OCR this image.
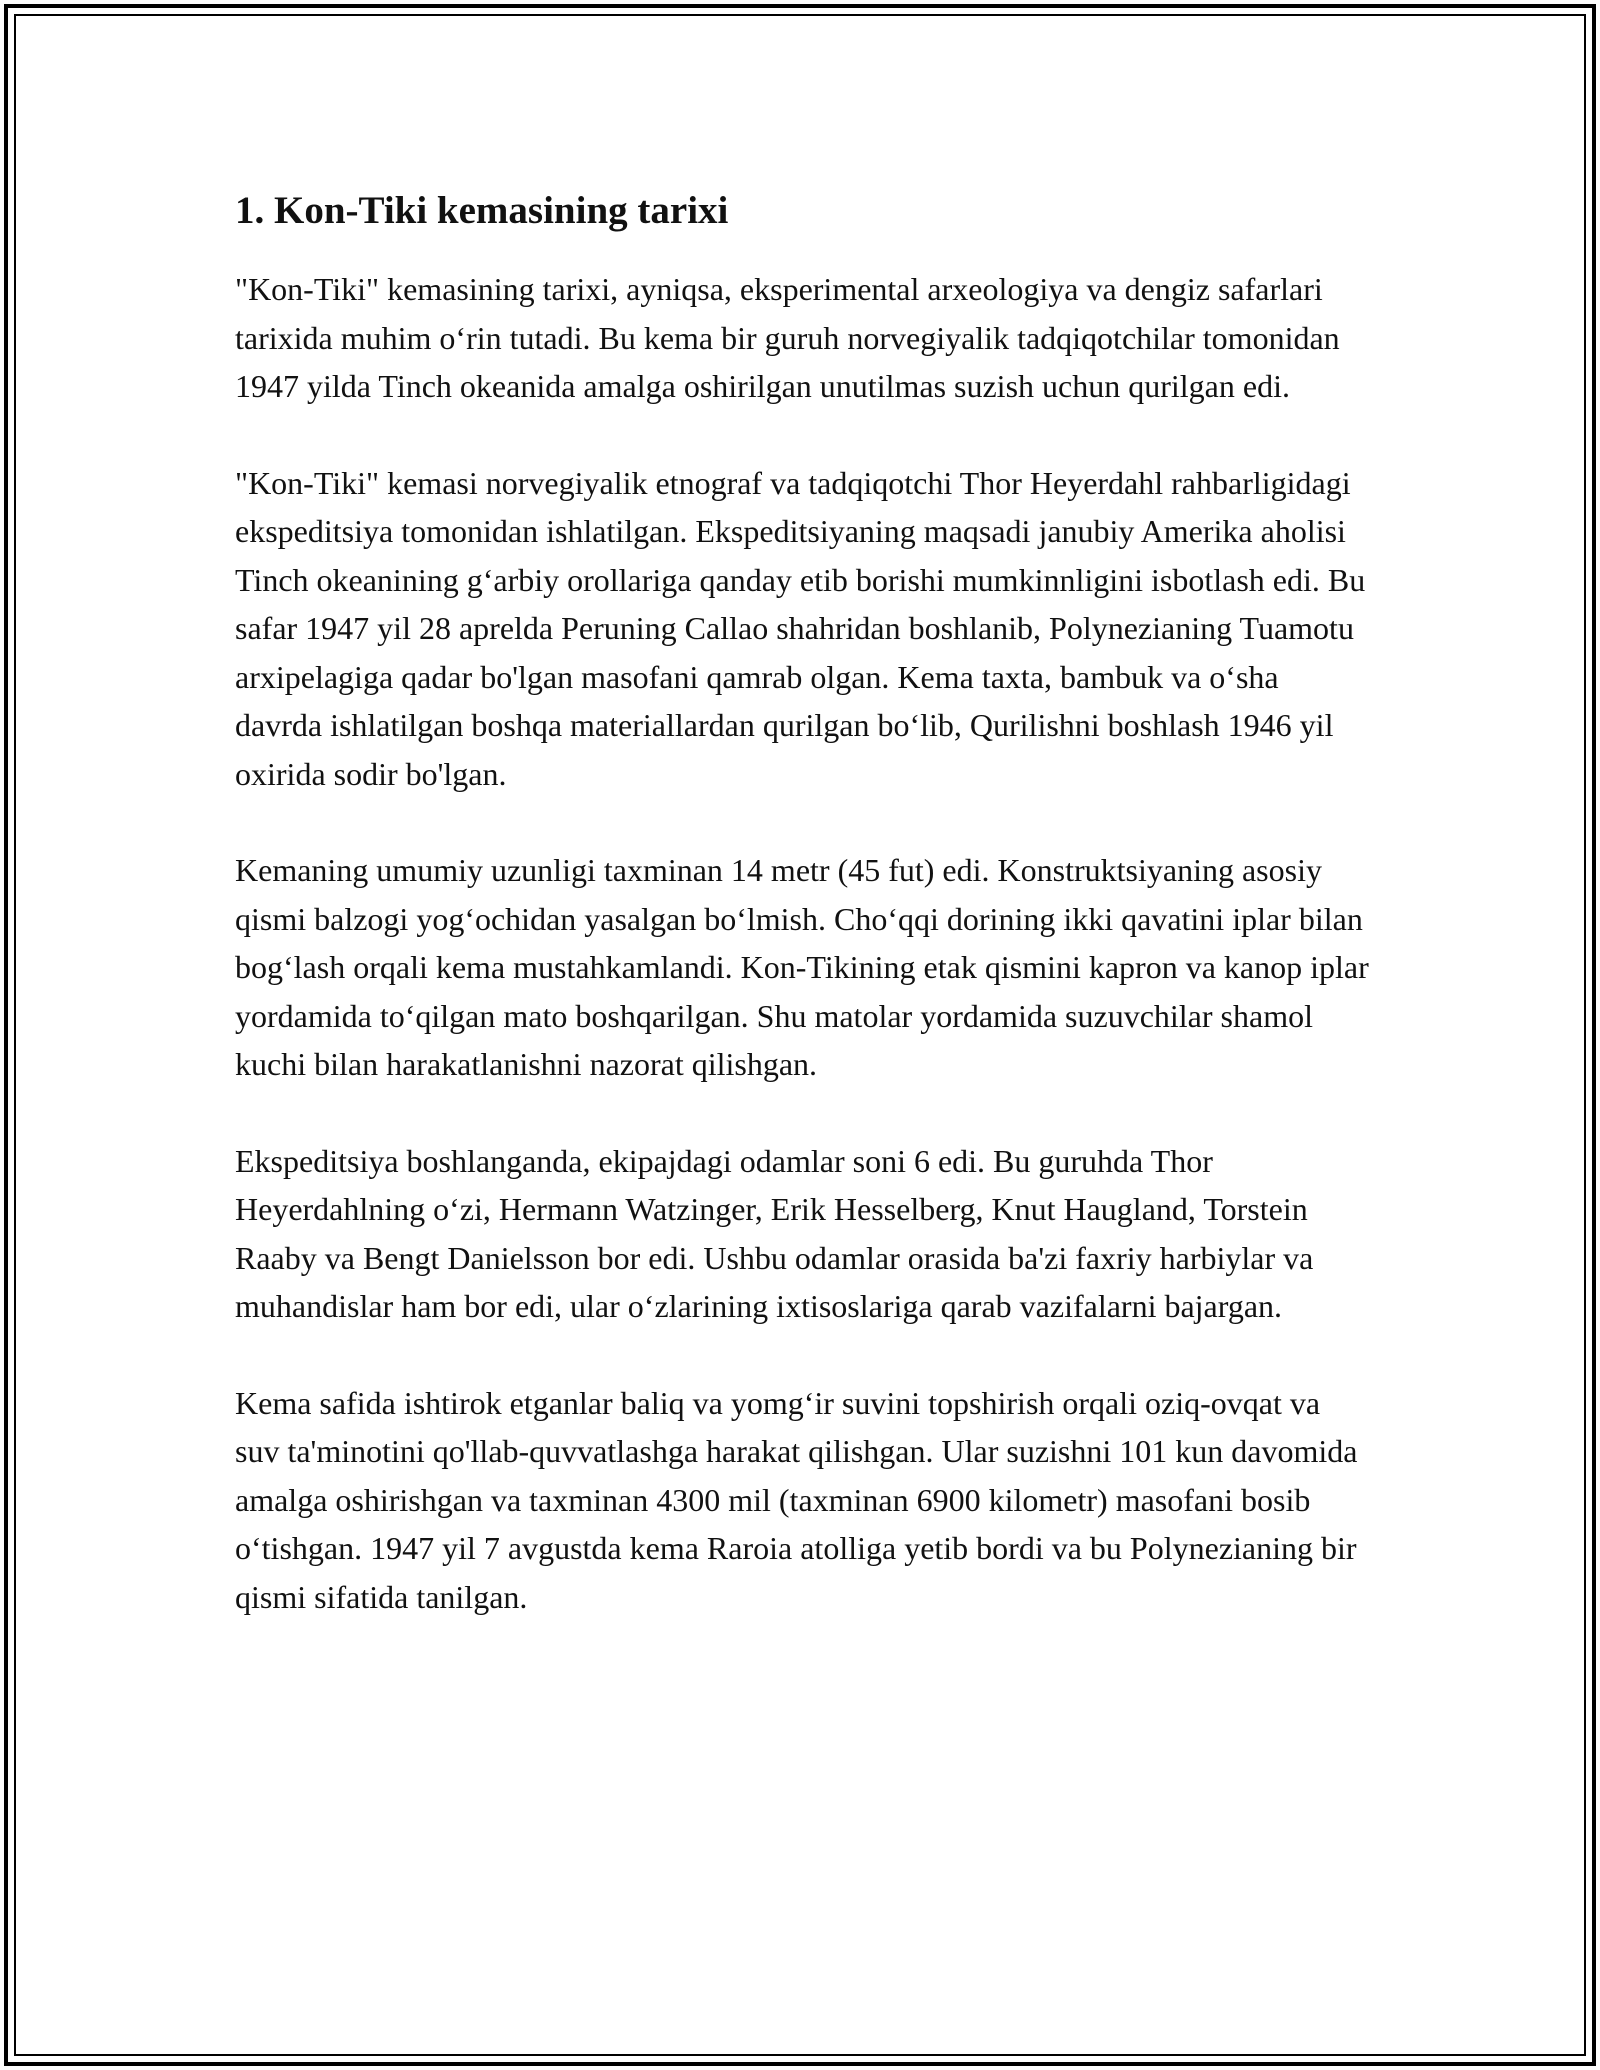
1. Kon-Tiki kemasining tarixi

"Kon-Tiki" kemasining tarixi, ayniqsa, eksperimental arxeologiya va dengiz safarlari tarixida muhim o‘rin tutadi. Bu kema bir guruh norvegiyalik tadqiqotchilar tomonidan 1947 yilda Tinch okeanida amalga oshirilgan unutilmas suzish uchun qurilgan edi.

"Kon-Tiki" kemasi norvegiyalik etnograf va tadqiqotchi Thor Heyerdahl rahbarligidagi ekspeditsiya tomonidan ishlatilgan. Ekspeditsiyaning maqsadi janubiy Amerika aholisi Tinch okeanining g‘arbiy orollariga qanday etib borishi mumkinnligini isbotlash edi. Bu safar 1947 yil 28 aprelda Peruning Callao shahridan boshlanib, Polynezianing Tuamotu arxipelagiga qadar bo'lgan masofani qamrab olgan. Kema taxta, bambuk va o‘sha davrda ishlatilgan boshqa materiallardan qurilgan bo‘lib, Qurilishni boshlash 1946 yil oxirida sodir bo'lgan.

Kemaning umumiy uzunligi taxminan 14 metr (45 fut) edi. Konstruktsiyaning asosiy qismi balzogi yog‘ochidan yasalgan bo‘lmish. Cho‘qqi dorining ikki qavatini iplar bilan bog‘lash orqali kema mustahkamlandi. Kon-Tikining etak qismini kapron va kanop iplar yordamida to‘qilgan mato boshqarilgan. Shu matolar yordamida suzuvchilar shamol kuchi bilan harakatlanishni nazorat qilishgan.

Ekspeditsiya boshlanganda, ekipajdagi odamlar soni 6 edi. Bu guruhda Thor Heyerdahlning o‘zi, Hermann Watzinger, Erik Hesselberg, Knut Haugland, Torstein Raaby va Bengt Danielsson bor edi. Ushbu odamlar orasida ba'zi faxriy harbiylar va muhandislar ham bor edi, ular o‘zlarining ixtisoslariga qarab vazifalarni bajargan.

Kema safida ishtirok etganlar baliq va yomg‘ir suvini topshirish orqali oziq-ovqat va suv ta'minotini qo'llab-quvvatlashga harakat qilishgan. Ular suzishni 101 kun davomida amalga oshirishgan va taxminan 4300 mil (taxminan 6900 kilometr) masofani bosib o‘tishgan. 1947 yil 7 avgustda kema Raroia atolliga yetib bordi va bu Polynezianing bir qismi sifatida tanilgan.
